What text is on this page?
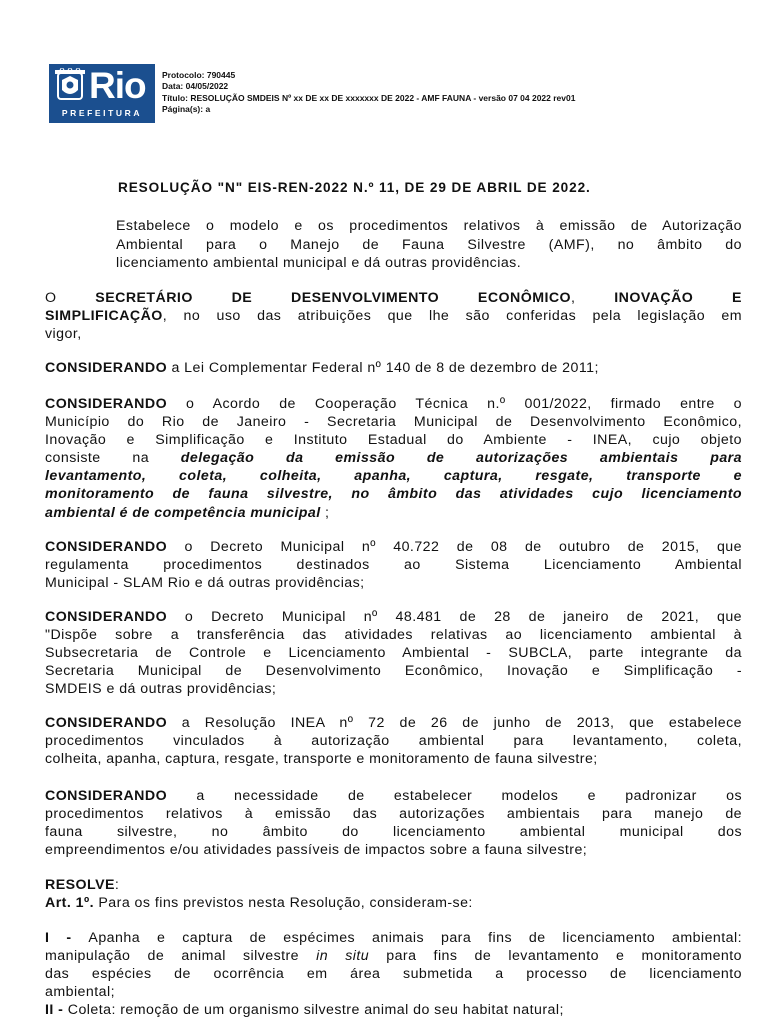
Rio
PREFEITURA
Protocolo: 790445
Data: 04/05/2022
Título: RESOLUÇÃO SMDEIS Nº xx DE xx DE xxxxxxx DE 2022 - AMF FAUNA - versão 07 04 2022 rev01
Página(s): a
RESOLUÇÃO "N" EIS-REN-2022 N.º 11, DE 29 DE ABRIL DE 2022.
Estabelece o modelo e os procedimentos relativos à emissão de Autorização
Ambiental para o Manejo de Fauna Silvestre (AMF), no âmbito do
licenciamento ambiental municipal e dá outras providências.
O	SECRETÁRIO DE DESENVOLVIMENTO ECONÔMICO,	INOVAÇÃO E
SIMPLIFICAÇÃO, no uso das atribuições que lhe são conferidas pela legislação em
vigor,
CONSIDERANDO a Lei Complementar Federal nº 140 de 8 de dezembro de 2011;
CONSIDERANDO o Acordo de Cooperação Técnica n.º 001/2022, firmado entre o
Município do Rio de Janeiro - Secretaria Municipal de Desenvolvimento Econômico,
Inovação e Simplificação e Instituto Estadual do Ambiente - INEA, cujo objeto
consiste na delegação da emissão de autorizações ambientais para
levantamento, coleta, colheita, apanha, captura, resgate, transporte e
monitoramento de fauna silvestre, no âmbito das atividades cujo licenciamento
ambiental é de competência municipal ;
CONSIDERANDO o Decreto Municipal nº 40.722 de 08 de outubro de 2015, que
regulamenta procedimentos destinados ao Sistema Licenciamento Ambiental
Municipal - SLAM Rio e dá outras providências;
CONSIDERANDO o Decreto Municipal nº 48.481 de 28 de janeiro de 2021, que
"Dispõe sobre a transferência das atividades relativas ao licenciamento ambiental à
Subsecretaria de Controle e Licenciamento Ambiental - SUBCLA, parte integrante da
Secretaria Municipal de Desenvolvimento Econômico, Inovação e Simplificação -
SMDEIS e dá outras providências;
CONSIDERANDO a Resolução INEA nº 72 de 26 de junho de 2013, que estabelece
procedimentos vinculados à autorização ambiental para levantamento, coleta,
colheita, apanha, captura, resgate, transporte e monitoramento de fauna silvestre;
CONSIDERANDO a necessidade de estabelecer modelos e padronizar os
procedimentos relativos à emissão das autorizações ambientais para manejo de
fauna silvestre, no âmbito do licenciamento ambiental municipal dos
empreendimentos e/ou atividades passíveis de impactos sobre a fauna silvestre;
RESOLVE:
Art. 1º. Para os fins previstos nesta Resolução, consideram-se:
I - Apanha e captura de espécimes animais para fins de licenciamento ambiental:
manipulação de animal silvestre in situ para fins de levantamento e monitoramento
das espécies de ocorrência em área submetida a processo de licenciamento
ambiental;
II - Coleta: remoção de um organismo silvestre animal do seu habitat natural;
